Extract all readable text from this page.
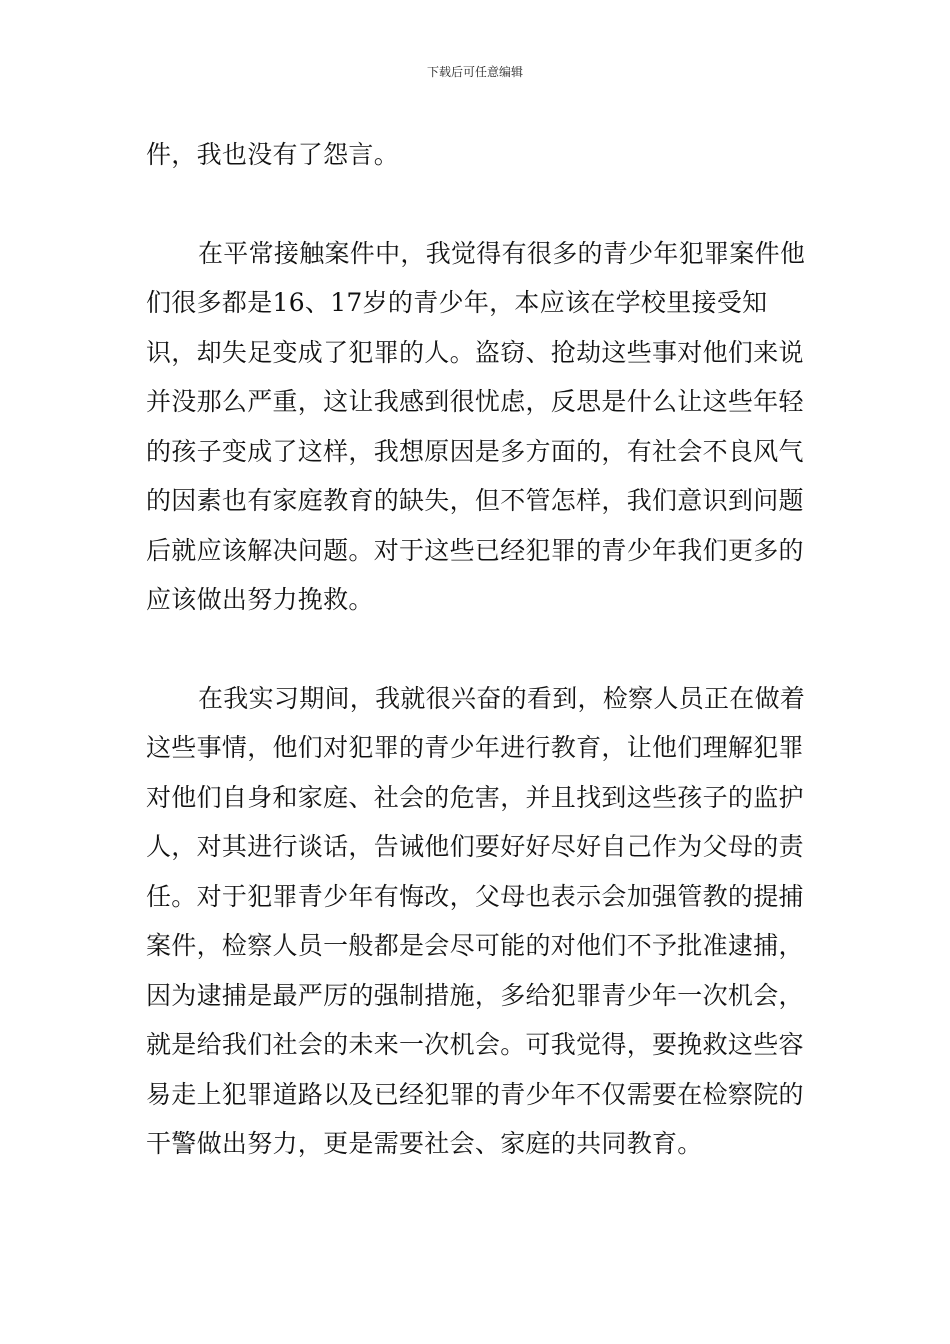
下载后可任意编辑

件，我也没有了怨言。

在平常接触案件中，我觉得有很多的青少年犯罪案件他们很多都是16、17岁的青少年，本应该在学校里接受知识，却失足变成了犯罪的人。盗窃、抢劫这些事对他们来说并没那么严重，这让我感到很忧虑，反思是什么让这些年轻的孩子变成了这样，我想原因是多方面的，有社会不良风气的因素也有家庭教育的缺失，但不管怎样，我们意识到问题后就应该解决问题。对于这些已经犯罪的青少年我们更多的应该做出努力挽救。

在我实习期间，我就很兴奋的看到，检察人员正在做着这些事情，他们对犯罪的青少年进行教育，让他们理解犯罪对他们自身和家庭、社会的危害，并且找到这些孩子的监护人，对其进行谈话，告诫他们要好好尽好自己作为父母的责任。对于犯罪青少年有悔改，父母也表示会加强管教的提捕案件，检察人员一般都是会尽可能的对他们不予批准逮捕，因为逮捕是最严厉的强制措施，多给犯罪青少年一次机会，就是给我们社会的未来一次机会。可我觉得，要挽救这些容易走上犯罪道路以及已经犯罪的青少年不仅需要在检察院的干警做出努力，更是需要社会、家庭的共同教育。
